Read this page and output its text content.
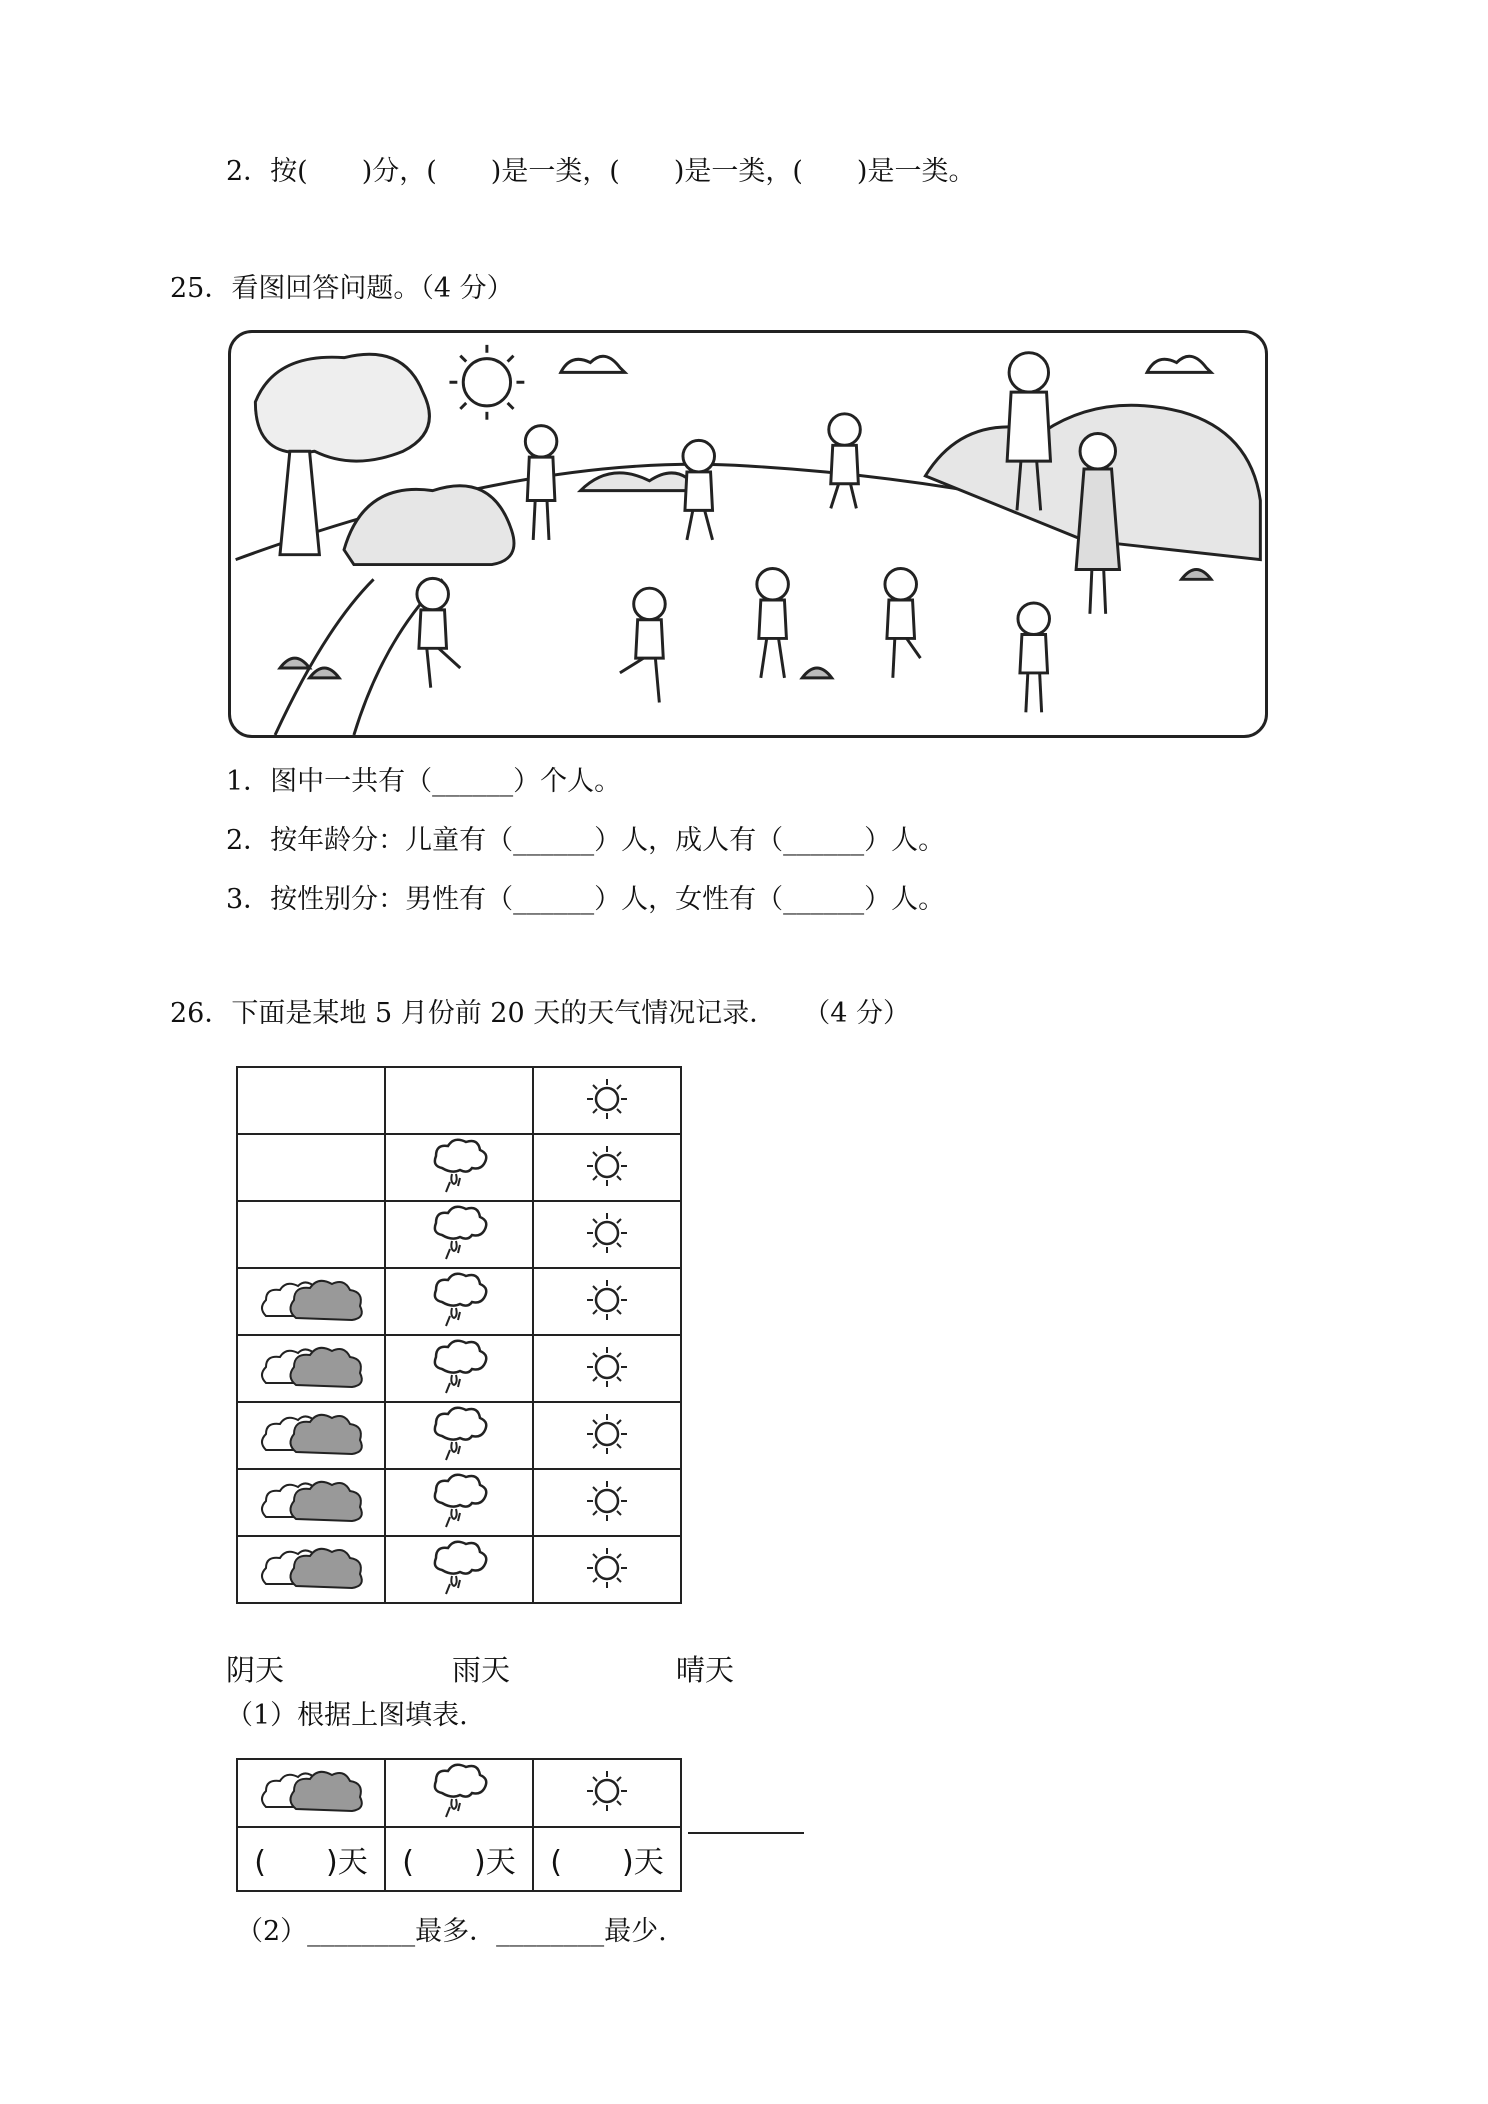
2．按(　　)分，(　　)是一类，(　　)是一类，(　　)是一类。
25．看图回答问题。（4 分）
1．图中一共有（______）个人。
2．按年龄分：儿童有（______）人，成人有（______）人。
3．按性别分：男性有（______）人，女性有（______）人。
26．下面是某地 5 月份前 20 天的天气情况记录．　　（4 分）

阴天	雨天	晴天
（1）根据上图填表.

(　　)天	(　　)天	(　　)天
（2）________最多．________最少.
